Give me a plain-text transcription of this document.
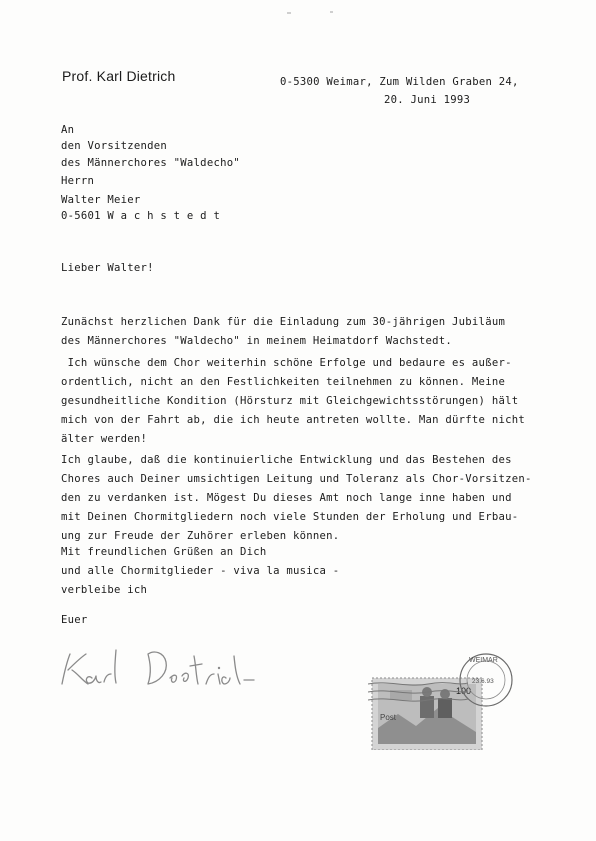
Prof. Karl Dietrich	0-5300 Weimar, Zum Wilden Graben 24,
20. Juni 1993
An
den Vorsitzenden
des Männerchores "Waldecho"
Herrn
Walter Meier
0-5601 W a c h s t e d t
Lieber Walter!
Zunächst herzlichen Dank für die Einladung zum 30-jährigen Jubiläum
des Männerchores "Waldecho" in meinem Heimatdorf Wachstedt.
Ich wünsche dem Chor weiterhin schöne Erfolge und bedaure es außer-
ordentlich, nicht an den Festlichkeiten teilnehmen zu können. Meine
gesundheitliche Kondition (Hörsturz mit Gleichgewichtsstörungen) hält
mich von der Fahrt ab, die ich heute antreten wollte. Man dürfte nicht
älter werden!
Ich glaube, daß die kontinuierliche Entwicklung und das Bestehen des
Chores auch Deiner umsichtigen Leitung und Toleranz als Chor-Vorsitzen-
den zu verdanken ist. Mögest Du dieses Amt noch lange inne haben und
mit Deinen Chormitgliedern noch viele Stunden der Erholung und Erbau-
ung zur Freude der Zuhörer erleben können.
Mit freundlichen Grüßen an Dich
und alle Chormitglieder - viva la musica -
verbleibe ich
Euer
100
Post
WEIMAR
23.6.93
